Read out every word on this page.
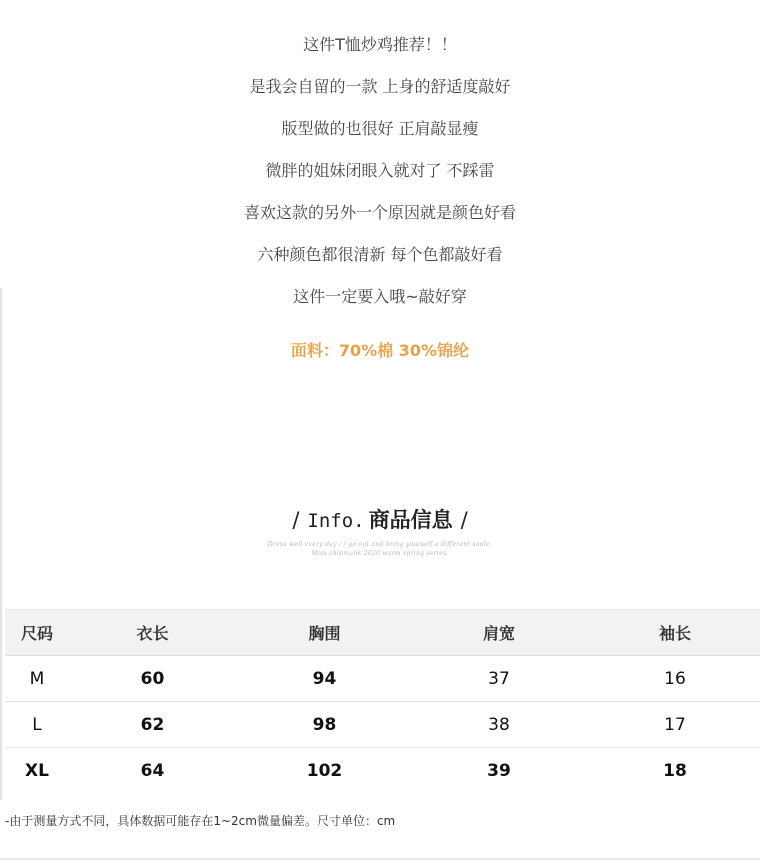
这件T恤炒鸡推荐！！
是我会自留的一款 上身的舒适度敲好
版型做的也很好 正肩敲显瘦
微胖的姐妹闭眼入就对了 不踩雷
喜欢这款的另外一个原因就是颜色好看
六种颜色都很清新 每个色都敲好看
这件一定要入哦~敲好穿
面料：70%棉 30%锦纶
/ Info. 商品信息 /
Dress well every day / / go out and bring yourself a different smile.
Miss chipmunk 2020 warm spring series.
尺码	衣长	胸围	肩宽	袖长
M	60	94	37	16
L	62	98	38	17
XL	64	102	39	18
-由于测量方式不同，具体数据可能存在1~2cm微量偏差。尺寸单位：cm
